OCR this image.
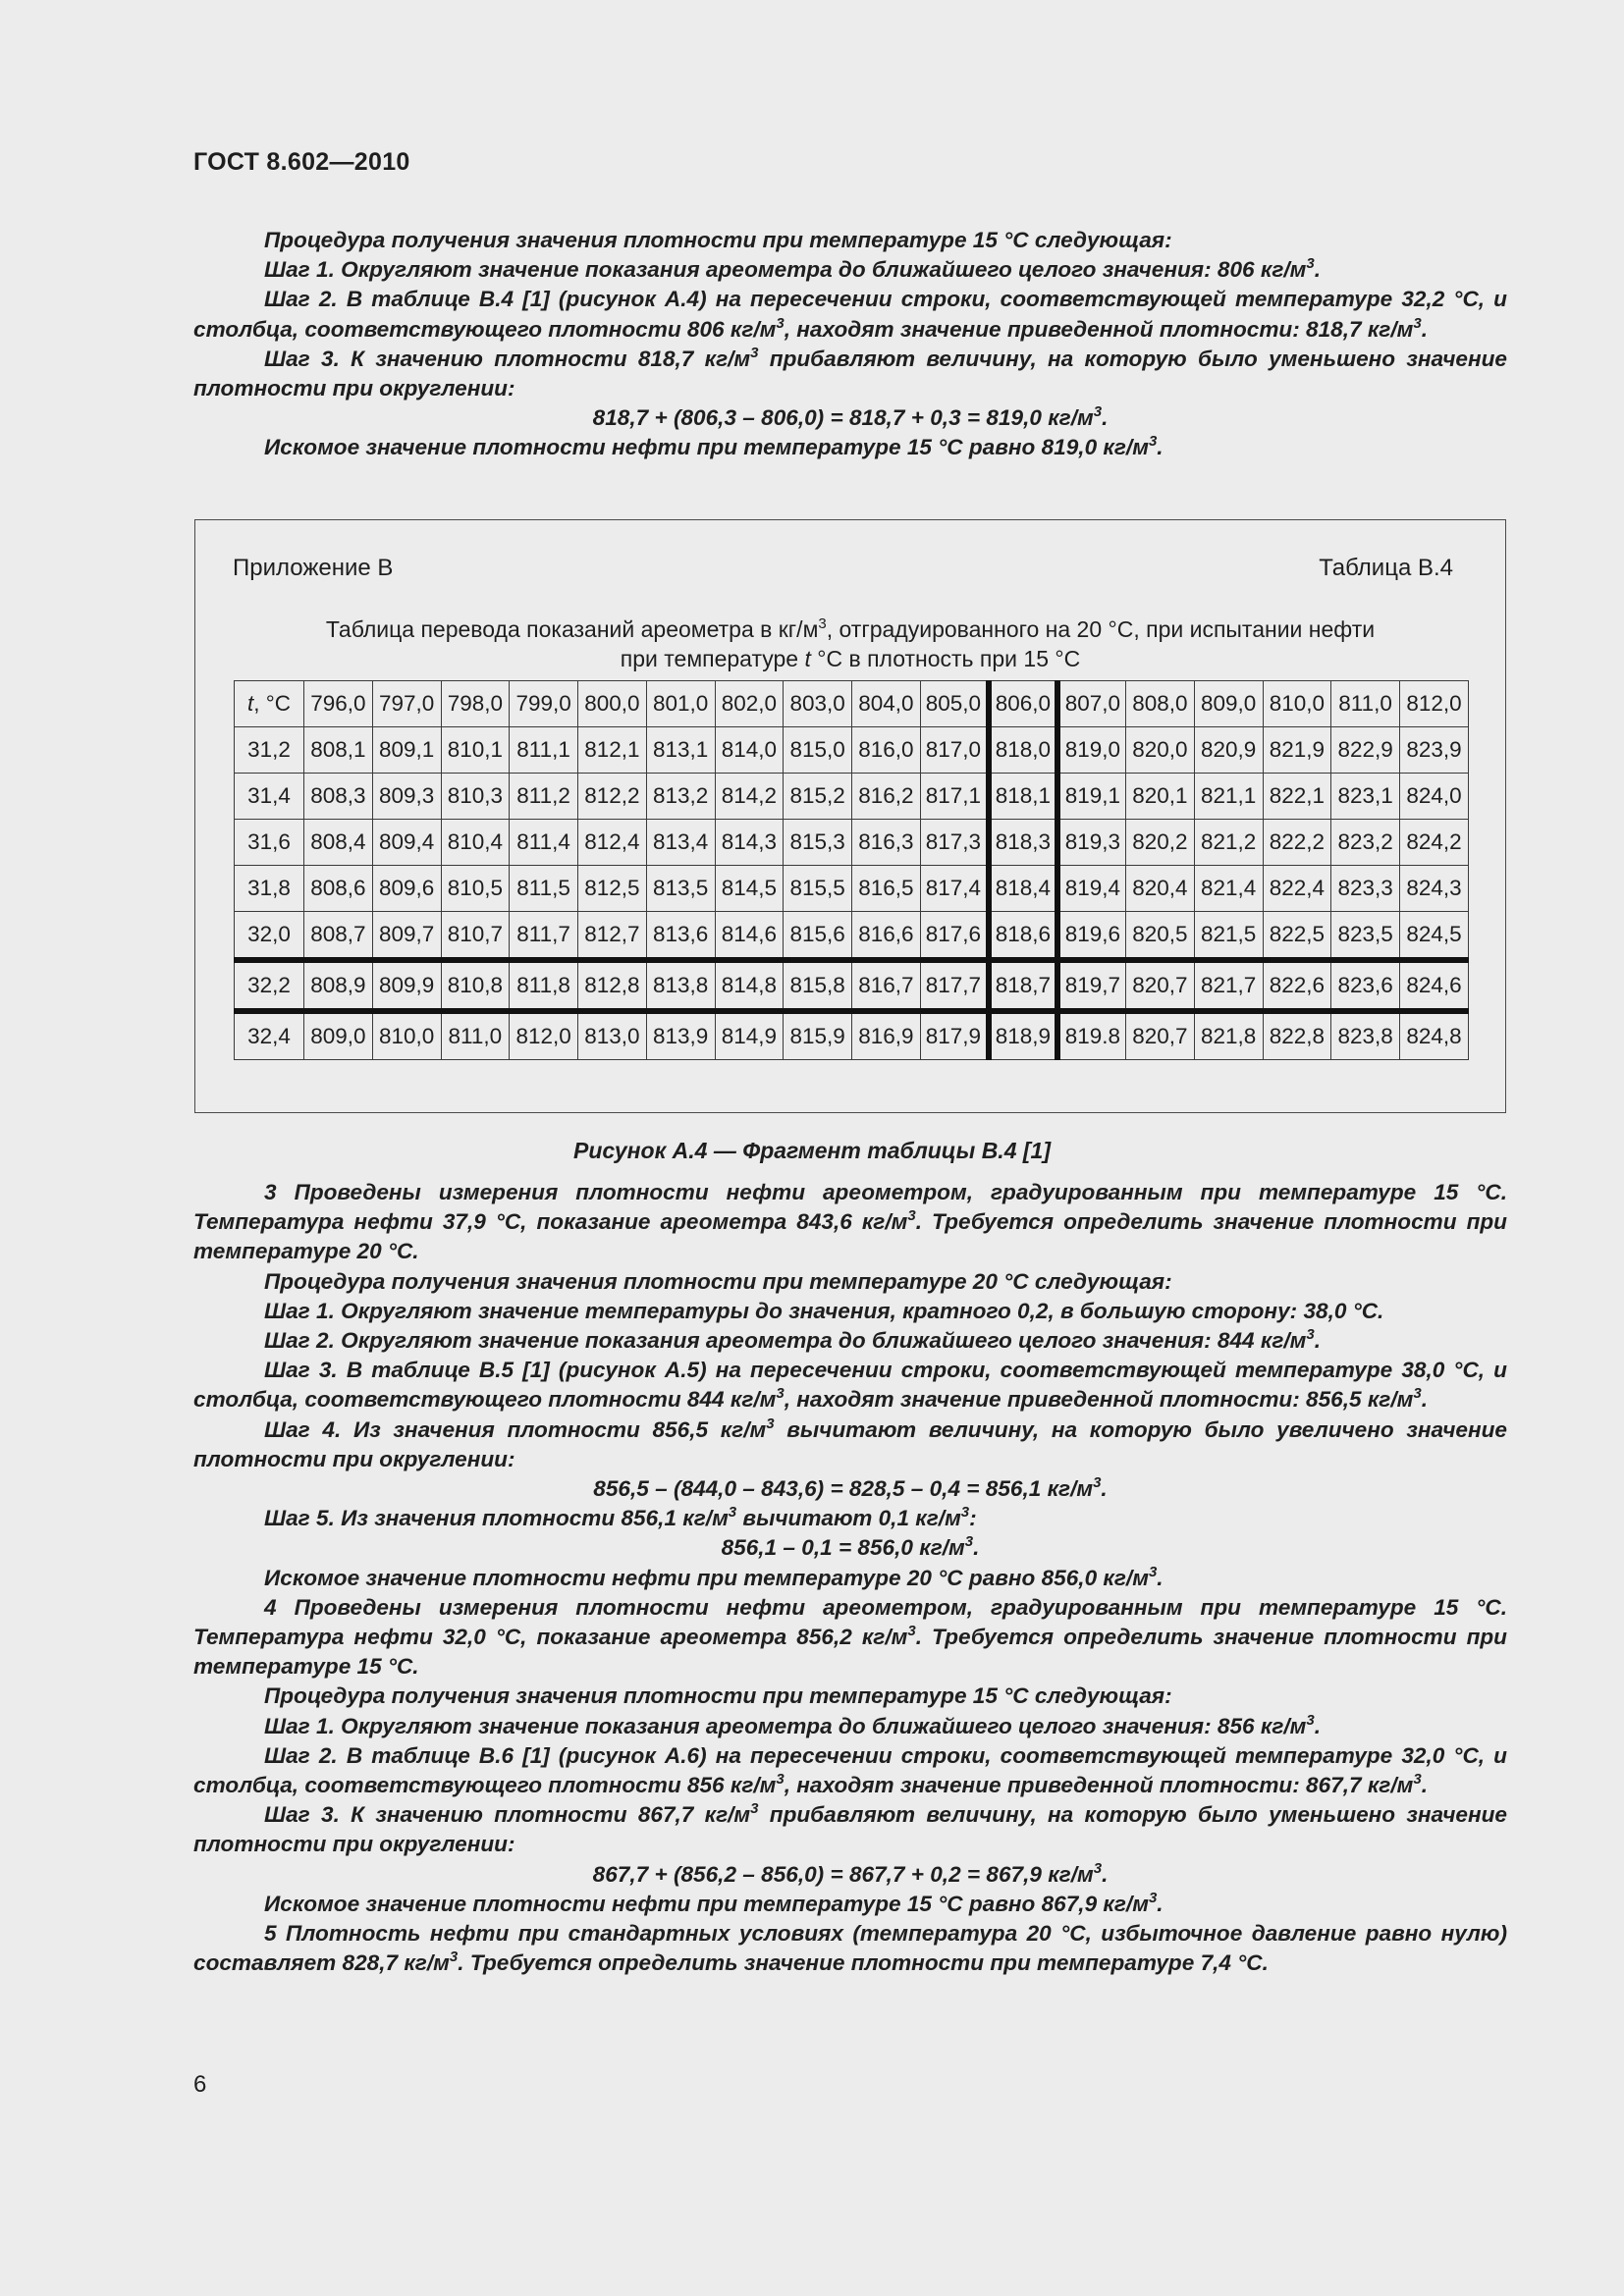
ГОСТ 8.602—2010

Процедура получения значения плотности при температуре 15 °С следующая:

Шаг 1. Округляют значение показания ареометра до ближайшего целого значения: 806 $кг/м^3$.

Шаг 2. В таблице В.4 [1] (рисунок А.4) на пересечении строки, соответствующей температуре 32,2 °С, и столбца, соответствующего плотности 806 $кг/м^3$, находят значение приведенной плотности: 818,7 $кг/м^3$.

Шаг 3. К значению плотности 818,7 $кг/м^3$ прибавляют величину, на которую было уменьшено значение плотности при округлении:

818,7 + (806,3 – 806,0) = 818,7 + 0,3 = 819,0 $кг/м^3$.

Искомое значение плотности нефти при температуре 15 °С равно 819,0 $кг/м^3$.

Приложение В	Таблица В.4
Таблица перевода показаний ареометра в $кг/м^3$, отградуированного на 20 °С, при испытании нефти
при температуре t °С в плотность при 15 °С
t, °С	796,0	797,0	798,0	799,0	800,0	801,0	802,0	803,0	804,0	805,0	806,0	807,0	808,0	809,0	810,0	811,0	812,0
31,2	808,1	809,1	810,1	811,1	812,1	813,1	814,0	815,0	816,0	817,0	818,0	819,0	820,0	820,9	821,9	822,9	823,9
31,4	808,3	809,3	810,3	811,2	812,2	813,2	814,2	815,2	816,2	817,1	818,1	819,1	820,1	821,1	822,1	823,1	824,0
31,6	808,4	809,4	810,4	811,4	812,4	813,4	814,3	815,3	816,3	817,3	818,3	819,3	820,2	821,2	822,2	823,2	824,2
31,8	808,6	809,6	810,5	811,5	812,5	813,5	814,5	815,5	816,5	817,4	818,4	819,4	820,4	821,4	822,4	823,3	824,3
32,0	808,7	809,7	810,7	811,7	812,7	813,6	814,6	815,6	816,6	817,6	818,6	819,6	820,5	821,5	822,5	823,5	824,5
32,2	808,9	809,9	810,8	811,8	812,8	813,8	814,8	815,8	816,7	817,7	818,7	819,7	820,7	821,7	822,6	823,6	824,6
32,4	809,0	810,0	811,0	812,0	813,0	813,9	814,9	815,9	816,9	817,9	818,9	819.8	820,7	821,8	822,8	823,8	824,8
Рисунок А.4 — Фрагмент таблицы В.4 [1]

3 Проведены измерения плотности нефти ареометром, градуированным при температуре 15 °С. Температура нефти 37,9 °С, показание ареометра 843,6 $кг/м^3$. Требуется определить значение плотности при температуре 20 °С.

Процедура получения значения плотности при температуре 20 °С следующая:

Шаг 1. Округляют значение температуры до значения, кратного 0,2, в большую сторону: 38,0 °С.

Шаг 2. Округляют значение показания ареометра до ближайшего целого значения: 844 $кг/м^3$.

Шаг 3. В таблице В.5 [1] (рисунок А.5) на пересечении строки, соответствующей температуре 38,0 °С, и столбца, соответствующего плотности 844 $кг/м^3$, находят значение приведенной плотности: 856,5 $кг/м^3$.

Шаг 4. Из значения плотности 856,5 $кг/м^3$ вычитают величину, на которую было увеличено значение плотности при округлении:

856,5 – (844,0 – 843,6) = 828,5 – 0,4 = 856,1 $кг/м^3$.

Шаг 5. Из значения плотности 856,1 $кг/м^3$ вычитают 0,1 $кг/м^3$:

856,1 – 0,1 = 856,0 $кг/м^3$.

Искомое значение плотности нефти при температуре 20 °С равно 856,0 $кг/м^3$.

4 Проведены измерения плотности нефти ареометром, градуированным при температуре 15 °С. Температура нефти 32,0 °С, показание ареометра 856,2 $кг/м^3$. Требуется определить значение плотности при температуре 15 °С.

Процедура получения значения плотности при температуре 15 °С следующая:

Шаг 1. Округляют значение показания ареометра до ближайшего целого значения: 856 $кг/м^3$.

Шаг 2. В таблице В.6 [1] (рисунок А.6) на пересечении строки, соответствующей температуре 32,0 °С, и столбца, соответствующего плотности 856 $кг/м^3$, находят значение приведенной плотности: 867,7 $кг/м^3$.

Шаг 3. К значению плотности 867,7 $кг/м^3$ прибавляют величину, на которую было уменьшено значение плотности при округлении:

867,7 + (856,2 – 856,0) = 867,7 + 0,2 = 867,9 $кг/м^3$.

Искомое значение плотности нефти при температуре 15 °С равно 867,9 $кг/м^3$.

5 Плотность нефти при стандартных условиях (температура 20 °С, избыточное давление равно нулю) составляет 828,7 $кг/м^3$. Требуется определить значение плотности при температуре 7,4 °С.

6
